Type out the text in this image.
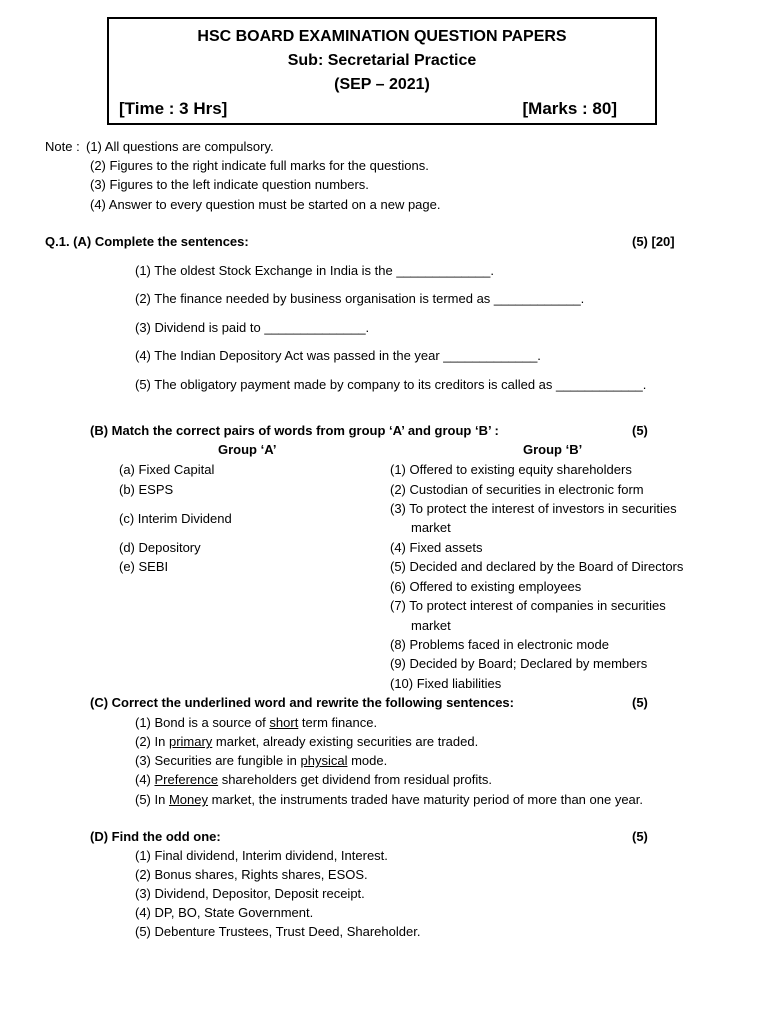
HSC BOARD EXAMINATION QUESTION PAPERS
Sub: Secretarial Practice
(SEP – 2021)
[Time : 3 Hrs]	[Marks : 80]
Note : (1) All questions are compulsory.
(2) Figures to the right indicate full marks for the questions.
(3) Figures to the left indicate question numbers.
(4) Answer to every question must be started on a new page.
Q.1. (A) Complete the sentences:	(5) [20]
(1) The oldest Stock Exchange in India is the _____________.
(2) The finance needed by business organisation is termed as ____________.
(3) Dividend is paid to ______________.
(4) The Indian Depository Act was passed in the year _____________.
(5) The obligatory payment made by company to its creditors is called as ____________.
(B) Match the correct pairs of words from group ‘A’ and group ‘B’ :	(5)
Group ‘A’	Group ‘B’
(a) Fixed Capital
(b) ESPS
(c) Interim Dividend
(d) Depository
(e) SEBI
(1) Offered to existing equity shareholders
(2) Custodian of securities in electronic form
(3) To protect the interest of investors in securities
market
(4) Fixed assets
(5) Decided and declared by the Board of Directors
(6) Offered to existing employees
(7) To protect interest of companies in securities
market
(8) Problems faced in electronic mode
(9) Decided by Board; Declared by members
(10) Fixed liabilities
(C) Correct the underlined word and rewrite the following sentences:	(5)
(1) Bond is a source of short term finance.
(2) In primary market, already existing securities are traded.
(3) Securities are fungible in physical mode.
(4) Preference shareholders get dividend from residual profits.
(5) In Money market, the instruments traded have maturity period of more than one year.
(D) Find the odd one:	(5)
(1) Final dividend, Interim dividend, Interest.
(2) Bonus shares, Rights shares, ESOS.
(3) Dividend, Depositor, Deposit receipt.
(4) DP, BO, State Government.
(5) Debenture Trustees, Trust Deed, Shareholder.
